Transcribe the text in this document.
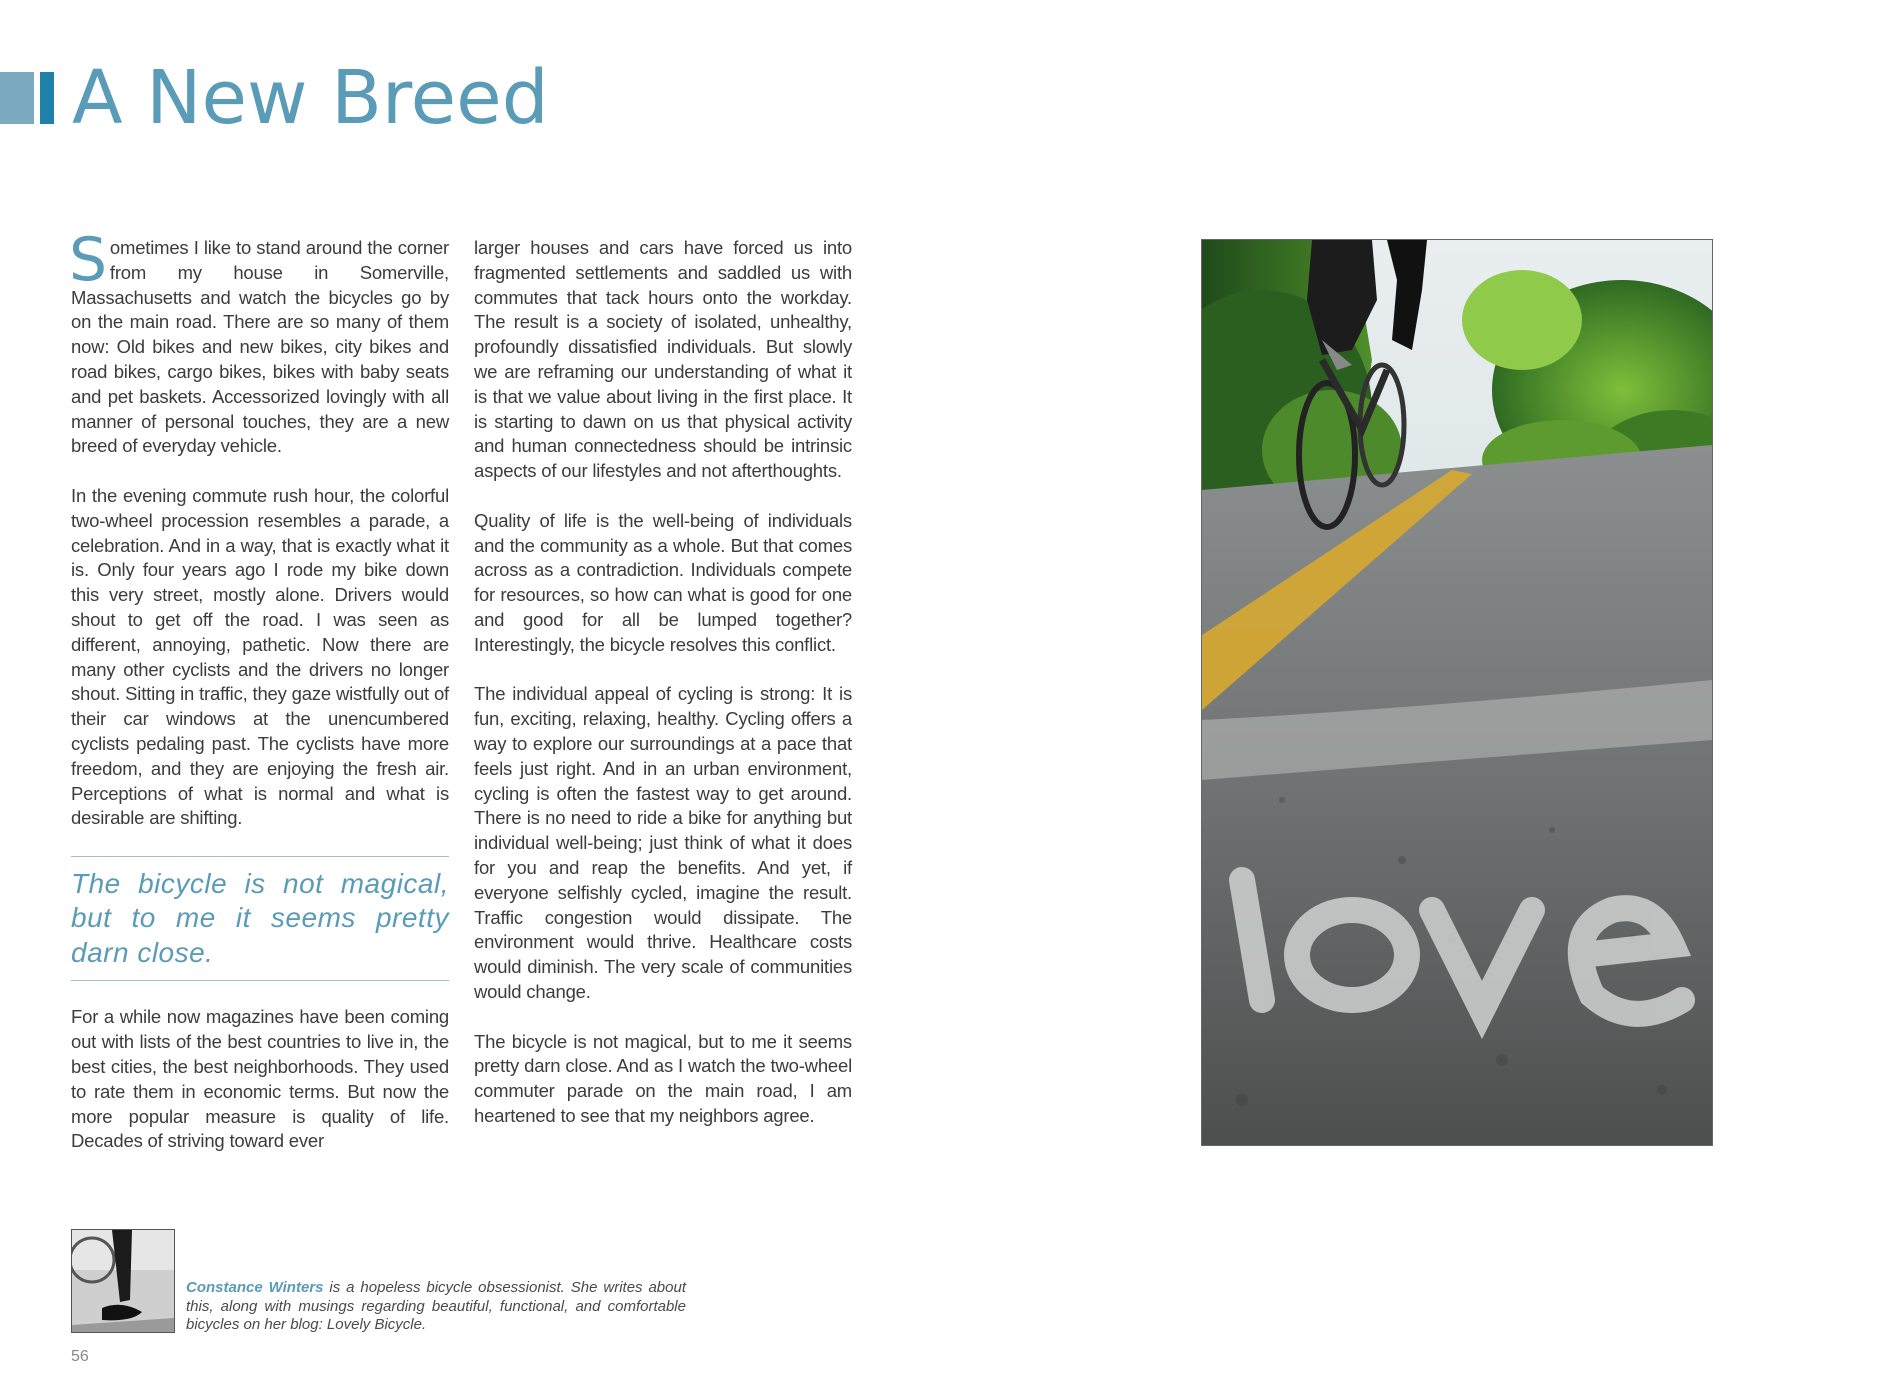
A New Breed

Sometimes I like to stand around the corner from my house in Somerville, Massachusetts and watch the bicycles go by on the main road. There are so many of them now: Old bikes and new bikes, city bikes and road bikes, cargo bikes, bikes with baby seats and pet baskets. Accessorized lovingly with all manner of personal touches, they are a new breed of everyday vehicle.

In the evening commute rush hour, the colorful two-wheel procession resembles a parade, a celebration. And in a way, that is exactly what it is. Only four years ago I rode my bike down this very street, mostly alone. Drivers would shout to get off the road. I was seen as different, annoying, pathetic. Now there are many other cyclists and the drivers no longer shout. Sitting in traffic, they gaze wistfully out of their car windows at the unencumbered cyclists pedaling past. The cyclists have more freedom, and they are enjoying the fresh air. Perceptions of what is normal and what is desirable are shifting.

The bicycle is not magical, but to me it seems pretty darn close.

For a while now magazines have been coming out with lists of the best countries to live in, the best cities, the best neighborhoods. They used to rate them in economic terms. But now the more popular measure is quality of life. Decades of striving toward ever

larger houses and cars have forced us into fragmented settlements and saddled us with commutes that tack hours onto the workday. The result is a society of isolated, unhealthy, profoundly dissatisfied individuals. But slowly we are reframing our understanding of what it is that we value about living in the first place. It is starting to dawn on us that physical activity and human connectedness should be intrinsic aspects of our lifestyles and not afterthoughts.

Quality of life is the well-being of individuals and the community as a whole. But that comes across as a contradiction. Individuals compete for resources, so how can what is good for one and good for all be lumped together? Interestingly, the bicycle resolves this conflict.

The individual appeal of cycling is strong: It is fun, exciting, relaxing, healthy. Cycling offers a way to explore our surroundings at a pace that feels just right. And in an urban environment, cycling is often the fastest way to get around. There is no need to ride a bike for anything but individual well-being; just think of what it does for you and reap the benefits. And yet, if everyone selfishly cycled, imagine the result. Traffic congestion would dissipate. The environment would thrive. Healthcare costs would diminish. The very scale of communities would change.

The bicycle is not magical, but to me it seems pretty darn close. And as I watch the two-wheel commuter parade on the main road, I am heartened to see that my neighbors agree.

Constance Winters is a hopeless bicycle obsessionist. She writes about this, along with musings regarding beautiful, functional, and comfortable bicycles on her blog: Lovely Bicycle.
56
